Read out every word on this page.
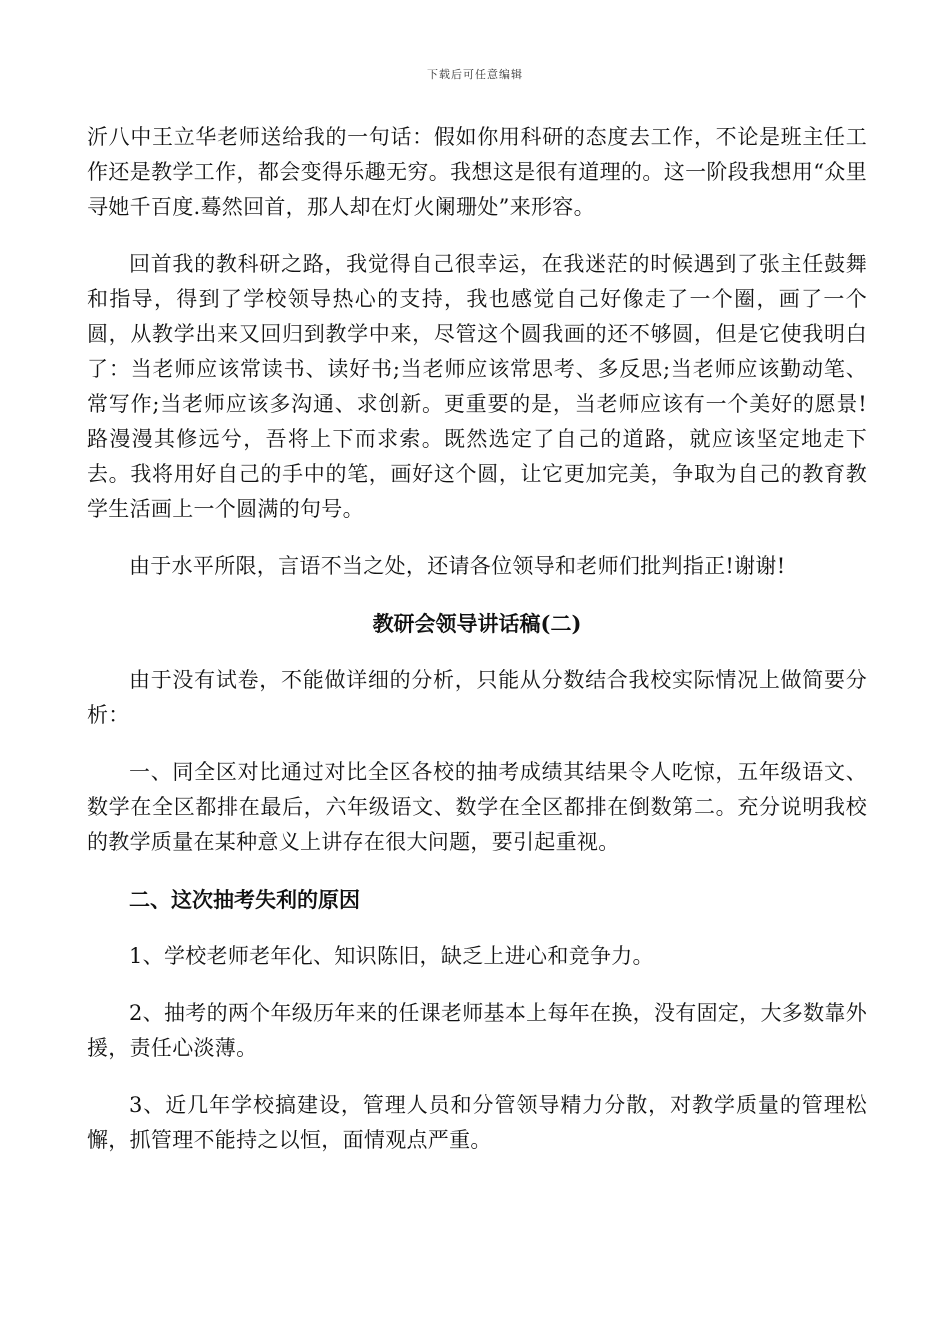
下载后可任意编辑

沂八中王立华老师送给我的一句话：假如你用科研的态度去工作，不论是班主任工作还是教学工作，都会变得乐趣无穷。我想这是很有道理的。这一阶段我想用“众里寻她千百度.蓦然回首，那人却在灯火阑珊处”来形容。

回首我的教科研之路，我觉得自己很幸运，在我迷茫的时候遇到了张主任鼓舞和指导，得到了学校领导热心的支持，我也感觉自己好像走了一个圈，画了一个圆，从教学出来又回归到教学中来，尽管这个圆我画的还不够圆，但是它使我明白了：当老师应该常读书、读好书;当老师应该常思考、多反思;当老师应该勤动笔、常写作;当老师应该多沟通、求创新。更重要的是，当老师应该有一个美好的愿景!路漫漫其修远兮，吾将上下而求索。既然选定了自己的道路，就应该坚定地走下去。我将用好自己的手中的笔，画好这个圆，让它更加完美，争取为自己的教育教学生活画上一个圆满的句号。

由于水平所限，言语不当之处，还请各位领导和老师们批判指正!谢谢!

教研会领导讲话稿(二)

由于没有试卷，不能做详细的分析，只能从分数结合我校实际情况上做简要分析：

一、同全区对比通过对比全区各校的抽考成绩其结果令人吃惊，五年级语文、数学在全区都排在最后，六年级语文、数学在全区都排在倒数第二。充分说明我校的教学质量在某种意义上讲存在很大问题，要引起重视。

二、这次抽考失利的原因

1、学校老师老年化、知识陈旧，缺乏上进心和竞争力。

2、抽考的两个年级历年来的任课老师基本上每年在换，没有固定，大多数靠外援，责任心淡薄。

3、近几年学校搞建设，管理人员和分管领导精力分散，对教学质量的管理松懈，抓管理不能持之以恒，面情观点严重。
